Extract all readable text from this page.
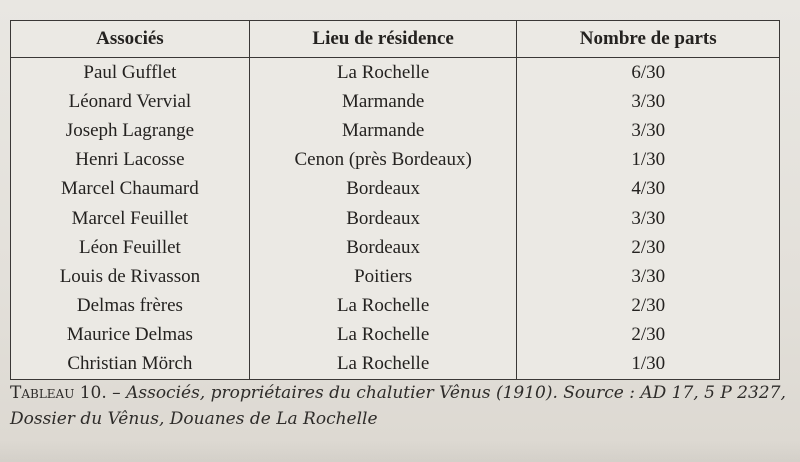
Associés	Lieu de résidence	Nombre de parts
Paul Gufflet	La Rochelle	6/30
Léonard Vervial	Marmande	3/30
Joseph Lagrange	Marmande	3/30
Henri Lacosse	Cenon (près Bordeaux)	1/30
Marcel Chaumard	Bordeaux	4/30
Marcel Feuillet	Bordeaux	3/30
Léon Feuillet	Bordeaux	2/30
Louis de Rivasson	Poitiers	3/30
Delmas frères	La Rochelle	2/30
Maurice Delmas	La Rochelle	2/30
Christian Mörch	La Rochelle	1/30
Tableau 10. – Associés, propriétaires du chalutier Vênus (1910). Source : AD 17, 5 P 2327, Dossier du Vênus, Douanes de La Rochelle
